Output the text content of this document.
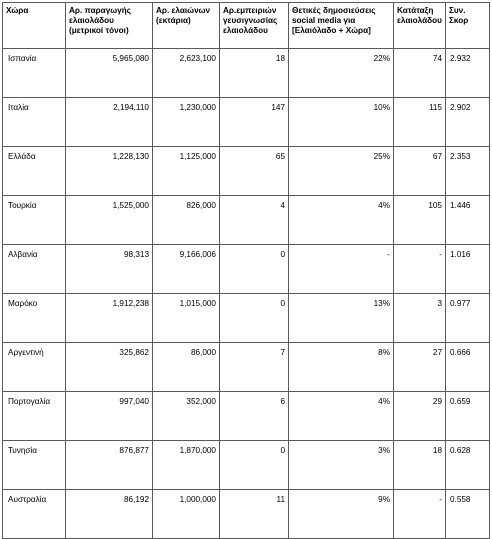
Χώρα	Αρ. παραγωγής ελαιολάδου (μετρικοί τόνοι)	Αρ. ελαιώνων (εκτάρια)	Αρ.εμπειριών γευσιγνωσίας ελαιολάδου	Θετικές δημοσιεύσεις social media για [Ελαιόλαδο + Χώρα]	Κατάταξη ελαιολάδου	Συν. Σκορ
Ισπανία	5,965,080	2,623,100	18	22%	74	2.932
Ιταλία	2,194,110	1,230,000	147	10%	115	2.902
Ελλάδα	1,228,130	1,125,000	65	25%	67	2.353
Τουρκία	1,525,000	826,000	4	4%	105	1.446
Αλβανία	98,313	9,166,006	0	-	-	1.016
Μαρόκο	1,912,238	1,015,000	0	13%	3	0.977
Αργεντινή	325,862	86,000	7	8%	27	0.666
Πορτογαλία	997,040	352,000	6	4%	29	0.659
Τυνησία	876,877	1,870,000	0	3%	18	0.628
Αυστραλία	86,192	1,000,000	11	9%	-	0.558
